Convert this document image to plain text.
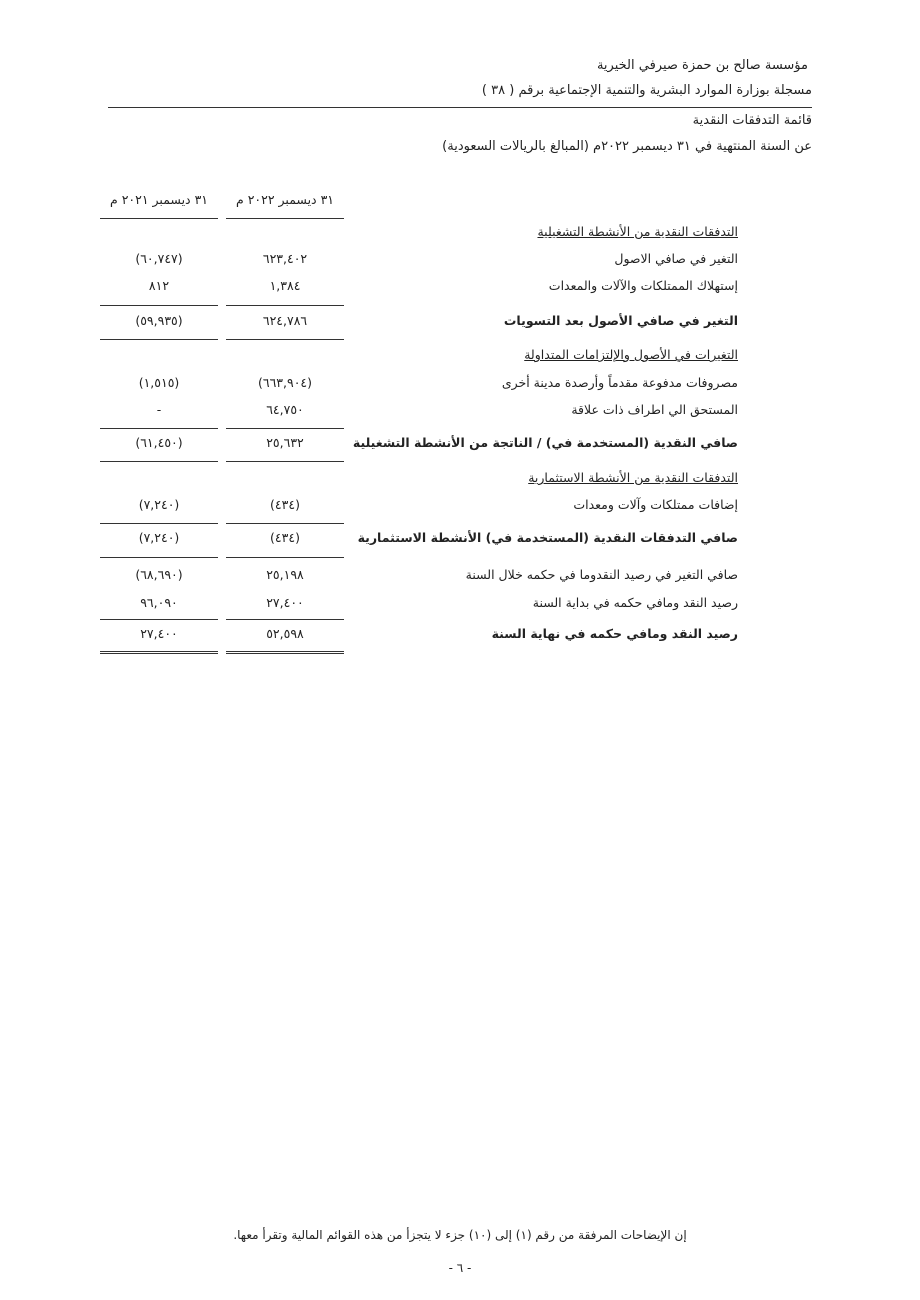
مؤسسة صالح بن حمزة صيرفي الخيرية
مسجلة بوزارة الموارد البشرية والتنمية الإجتماعية برقم ( ٣٨ )
قائمة التدفقات النقدية
عن السنة المنتهية في ٣١ ديسمبر ٢٠٢٢م (المبالغ بالريالات السعودية)
٣١ ديسمبر ٢٠٢٢ م
٣١ ديسمبر ٢٠٢١ م
التدفقات النقدية من الأنشطة التشغيلية
التغير في صافي الاصول
٦٢٣,٤٠٢
(٦٠,٧٤٧)
إستهلاك الممتلكات والآلات والمعدات
١,٣٨٤
٨١٢
التغير في صافي الأصول بعد التسويات
٦٢٤,٧٨٦
(٥٩,٩٣٥)
التغيرات في الأصول والإلتزامات المتداولة
مصروفات مدفوعة مقدماً وأرصدة مدينة أخرى
(٦٦٣,٩٠٤)
(١,٥١٥)
المستحق الي اطراف ذات علاقة
٦٤,٧٥٠
-
صافي النقدية (المستخدمة في) / الناتجة من الأنشطة التشغيلية
٢٥,٦٣٢
(٦١,٤٥٠)
التدفقات النقدية من الأنشطة الاستثمارية
إضافات ممتلكات وآلات ومعدات
(٤٣٤)
(٧,٢٤٠)
صافي التدفقات النقدية (المستخدمة في) الأنشطة الاستثمارية
(٤٣٤)
(٧,٢٤٠)
صافي التغير في رصيد النقدوما في حكمه خلال السنة
٢٥,١٩٨
(٦٨,٦٩٠)
رصيد النقد ومافي حكمه في بداية السنة
٢٧,٤٠٠
٩٦,٠٩٠
رصيد النقد ومافي حكمه في نهاية السنة
٥٢,٥٩٨
٢٧,٤٠٠
إن الإيضاحات المرفقة من رقم (١) إلى (١٠) جزء لا يتجزأ من هذه القوائم المالية وتقرأ معها.
- ٦ -
